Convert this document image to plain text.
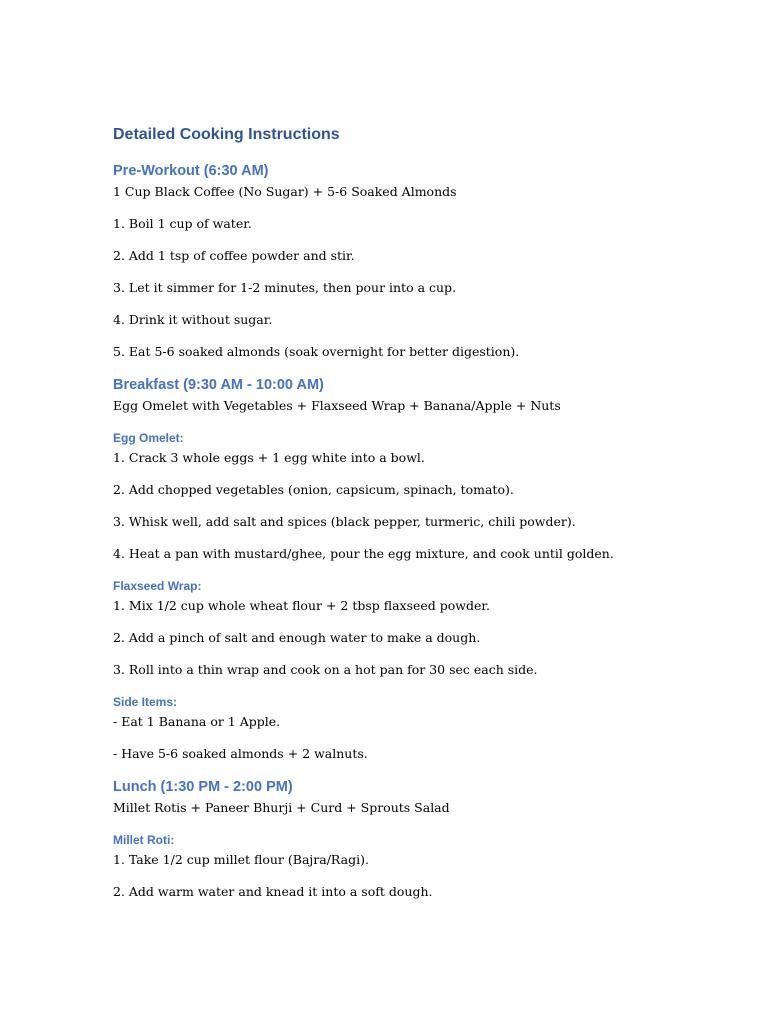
Detailed Cooking Instructions
Pre-Workout (6:30 AM)

1 Cup Black Coffee (No Sugar) + 5-6 Soaked Almonds

1. Boil 1 cup of water.

2. Add 1 tsp of coffee powder and stir.

3. Let it simmer for 1-2 minutes, then pour into a cup.

4. Drink it without sugar.

5. Eat 5-6 soaked almonds (soak overnight for better digestion).

Breakfast (9:30 AM - 10:00 AM)

Egg Omelet with Vegetables + Flaxseed Wrap + Banana/Apple + Nuts

Egg Omelet:

1. Crack 3 whole eggs + 1 egg white into a bowl.

2. Add chopped vegetables (onion, capsicum, spinach, tomato).

3. Whisk well, add salt and spices (black pepper, turmeric, chili powder).

4. Heat a pan with mustard/ghee, pour the egg mixture, and cook until golden.

Flaxseed Wrap:

1. Mix 1/2 cup whole wheat flour + 2 tbsp flaxseed powder.

2. Add a pinch of salt and enough water to make a dough.

3. Roll into a thin wrap and cook on a hot pan for 30 sec each side.

Side Items:

- Eat 1 Banana or 1 Apple.

- Have 5-6 soaked almonds + 2 walnuts.

Lunch (1:30 PM - 2:00 PM)

Millet Rotis + Paneer Bhurji + Curd + Sprouts Salad

Millet Roti:

1. Take 1/2 cup millet flour (Bajra/Ragi).

2. Add warm water and knead it into a soft dough.
